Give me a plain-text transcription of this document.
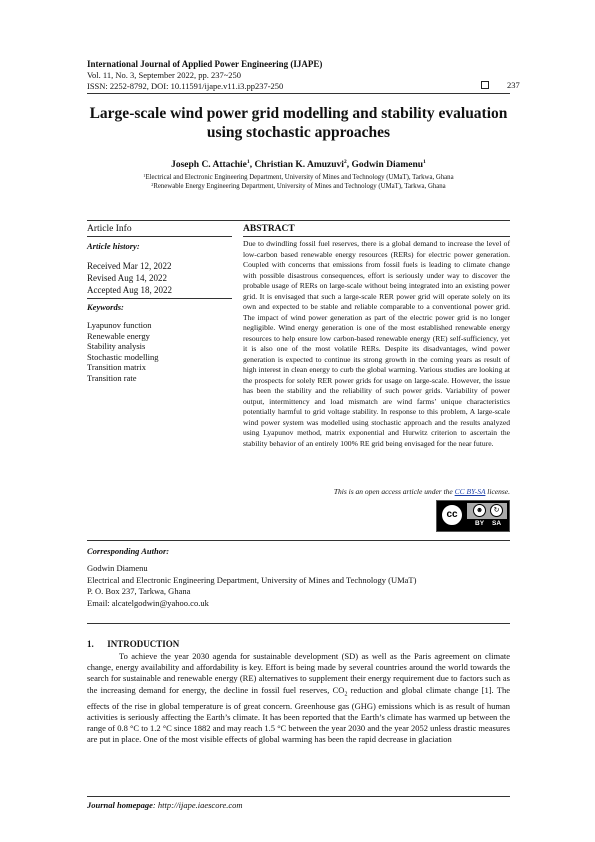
International Journal of Applied Power Engineering (IJAPE)
Vol. 11, No. 3, September 2022, pp. 237~250
ISSN: 2252-8792, DOI: 10.11591/ijape.v11.i3.pp237-250	237
Large-scale wind power grid modelling and stability evaluation
using stochastic approaches
Joseph C. Attachie$^1$, Christian K. Amuzuvi$^2$, Godwin Diamenu$^1$
$^1$Electrical and Electronic Engineering Department, University of Mines and Technology (UMaT), Tarkwa, Ghana
$^2$Renewable Energy Engineering Department, University of Mines and Technology (UMaT), Tarkwa, Ghana
Article Info	ABSTRACT
Article history:
Received Mar 12, 2022
Revised Aug 14, 2022
Accepted Aug 18, 2022
Keywords:
Lyapunov function
Renewable energy
Stability analysis
Stochastic modelling
Transition matrix
Transition rate
Due to dwindling fossil fuel reserves, there is a global demand to increase the level of low-carbon based renewable energy resources (RERs) for electric power generation. Coupled with concerns that emissions from fossil fuels is leading to climate change with possible disastrous consequences, effort is seriously under way to discover the probable usage of RERs on large-scale without being integrated into an existing power grid. It is envisaged that such a large-scale RER power grid will operate solely on its own and expected to be stable and reliable comparable to a conventional power grid. The impact of wind power generation as part of the electric power grid is no longer negligible. Wind energy generation is one of the most established renewable energy resources to help ensure low carbon-based renewable energy (RE) self-sufficiency, yet it is also one of the most volatile RERs. Despite its disadvantages, wind power generation is expected to continue its strong growth in the coming years as result of high interest in clean energy to curb the global warming. Various studies are looking at the prospects for solely RER power grids for usage on large-scale. However, the issue has been the stability and the reliability of such power grids. Variability of power output, intermittency and load mismatch are wind farms’ unique characteristics potentially harmful to grid voltage stability. In response to this problem, A large-scale wind power system was modelled using stochastic approach and the results analyzed using Lyapunov method, matrix exponential and Hurwitz criterion to ascertain the stability behavior of an entirely 100% RE grid being envisaged for the near future.
This is an open access article under the CC BY-SA license.
cc	☻	↻
BY SA
Corresponding Author:
Godwin Diamenu
Electrical and Electronic Engineering Department, University of Mines and Technology (UMaT)
P. O. Box 237, Tarkwa, Ghana
Email: alcatelgodwin@yahoo.co.uk
1.      INTRODUCTION
To achieve the year 2030 agenda for sustainable development (SD) as well as the Paris agreement on climate change, energy availability and affordability is key. Effort is being made by several countries around the world towards the search for sustainable and renewable energy (RE) alternatives to supplement their energy requirement due to factors such as the increasing demand for energy, the decline in fossil fuel reserves, $CO_2$ reduction and global climate change [1]. The effects of the rise in global temperature is of great concern. Greenhouse gas (GHG) emissions which is as result of human activities is seriously affecting the Earth’s climate. It has been reported that the Earth’s climate has warmed up between the range of 0.8 °C to 1.2 °C since 1882 and may reach 1.5 °C between the year 2030 and the year 2052 unless drastic measures are put in place. One of the most visible effects of global warming has been the rapid decrease in glaciation
Journal homepage: http://ijape.iaescore.com
